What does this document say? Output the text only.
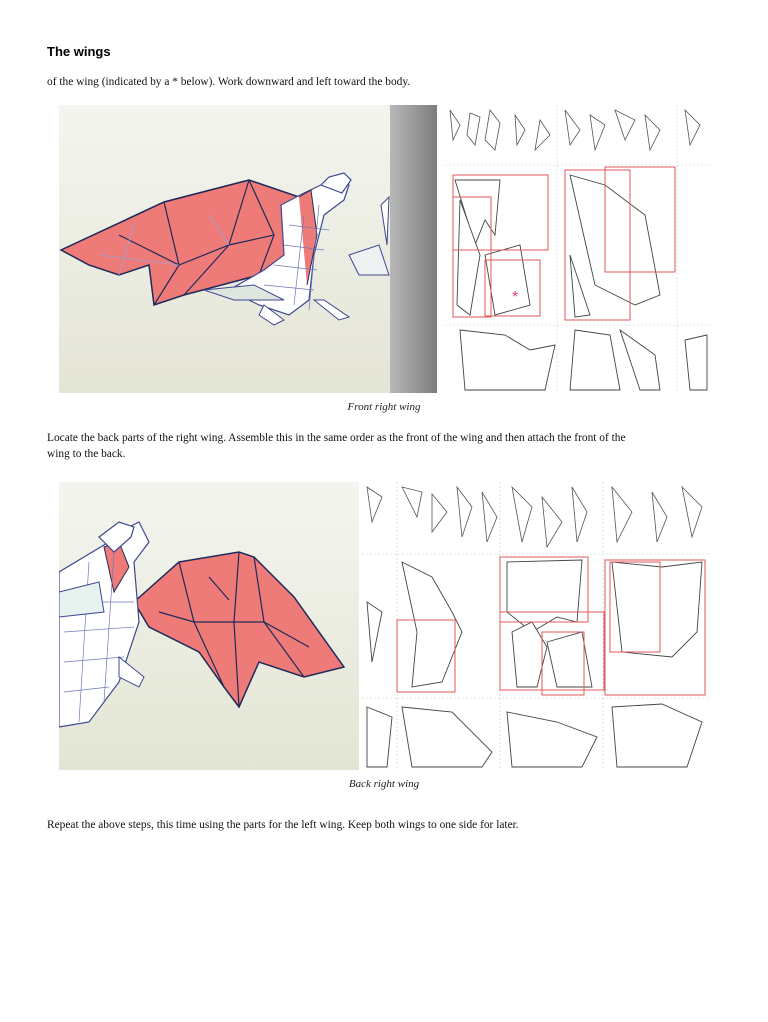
The wings
of the wing (indicated by a * below). Work downward and left toward the body.
*
Front right wing
Locate the back parts of the right wing. Assemble this in the same order as the front of the wing and then attach the front of the
wing to the back.
Back right wing
Repeat the above steps, this time using the parts for the left wing. Keep both wings to one side for later.
